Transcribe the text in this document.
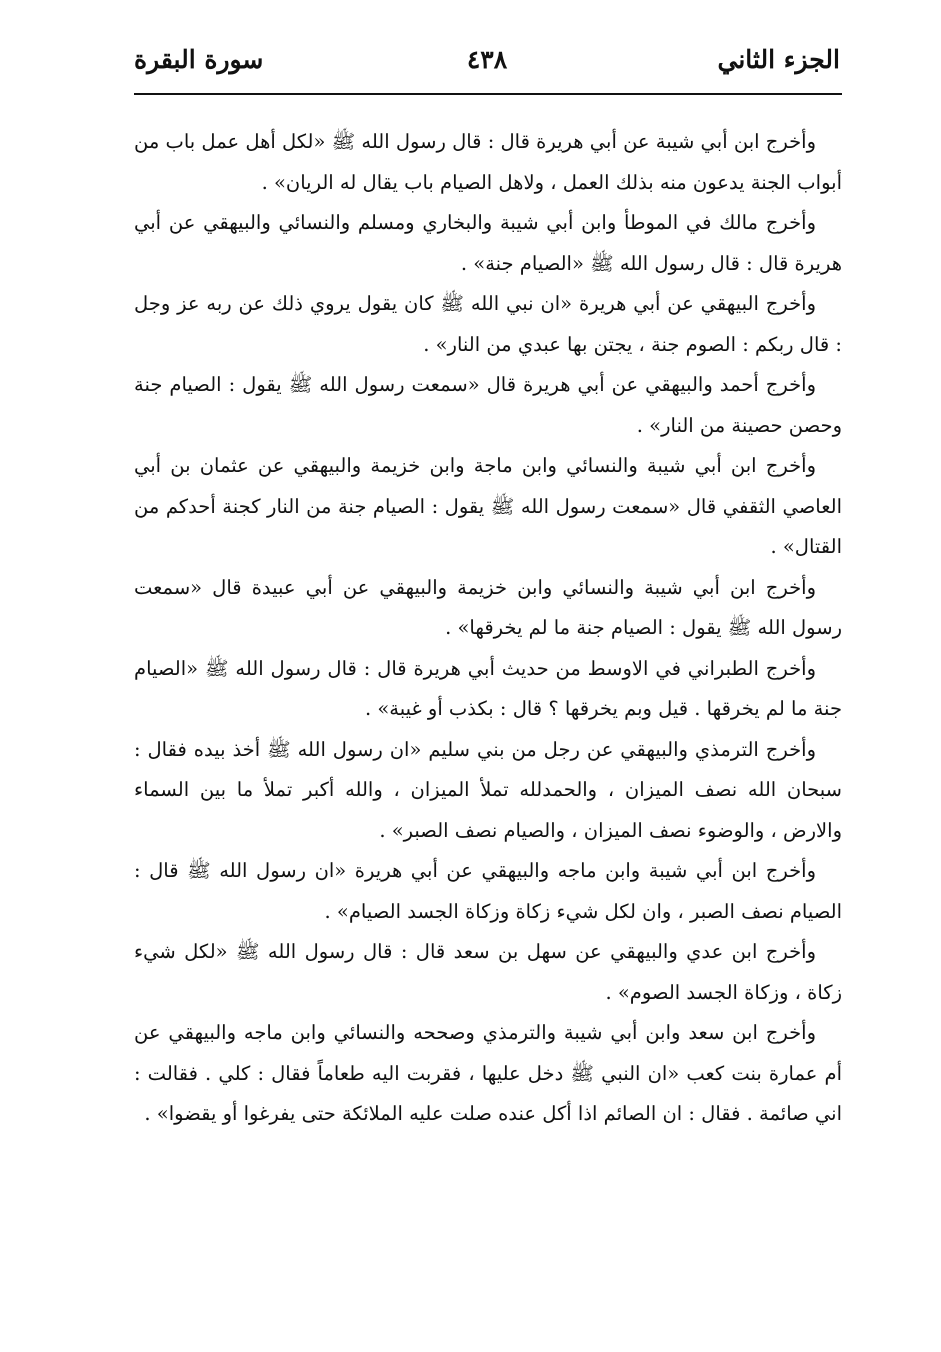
الجزء الثاني
٤٣٨
سورة البقرة

وأخرج ابن أبي شيبة عن أبي هريرة قال : قال رسول الله ﷺ «لكل أهل عمل باب من أبواب الجنة يدعون منه بذلك العمل ، ولاهل الصيام باب يقال له الريان» .

وأخرج مالك في الموطأ وابن أبي شيبة والبخاري ومسلم والنسائي والبيهقي عن أبي هريرة قال : قال رسول الله ﷺ «الصيام جنة» .

وأخرج البيهقي عن أبي هريرة «ان نبي الله ﷺ كان يقول يروي ذلك عن ربه عز وجل : قال ربكم : الصوم جنة ، يجتن بها عبدي من النار» .

وأخرج أحمد والبيهقي عن أبي هريرة قال «سمعت رسول الله ﷺ يقول : الصيام جنة وحصن حصينة من النار» .

وأخرج ابن أبي شيبة والنسائي وابن ماجة وابن خزيمة والبيهقي عن عثمان بن أبي العاصي الثقفي قال «سمعت رسول الله ﷺ يقول : الصيام جنة من النار كجنة أحدكم من القتال» .

وأخرج ابن أبي شيبة والنسائي وابن خزيمة والبيهقي عن أبي عبيدة قال «سمعت رسول الله ﷺ يقول : الصيام جنة ما لم يخرقها» .

وأخرج الطبراني في الاوسط من حديث أبي هريرة قال : قال رسول الله ﷺ «الصيام جنة ما لم يخرقها . قيل وبم يخرقها ؟ قال : بكذب أو غيبة» .

وأخرج الترمذي والبيهقي عن رجل من بني سليم «ان رسول الله ﷺ أخذ بيده فقال : سبحان الله نصف الميزان ، والحمدلله تملأ الميزان ، والله أكبر تملأ ما بين السماء والارض ، والوضوء نصف الميزان ، والصيام نصف الصبر» .

وأخرج ابن أبي شيبة وابن ماجه والبيهقي عن أبي هريرة «ان رسول الله ﷺ قال : الصيام نصف الصبر ، وان لكل شيء زكاة وزكاة الجسد الصيام» .

وأخرج ابن عدي والبيهقي عن سهل بن سعد قال : قال رسول الله ﷺ «لكل شيء زكاة ، وزكاة الجسد الصوم» .

وأخرج ابن سعد وابن أبي شيبة والترمذي وصححه والنسائي وابن ماجه والبيهقي عن أم عمارة بنت كعب «ان النبي ﷺ دخل عليها ، فقربت اليه طعاماً فقال : كلي . فقالت : اني صائمة . فقال : ان الصائم اذا أكل عنده صلت عليه الملائكة حتى يفرغوا أو يقضوا» .
